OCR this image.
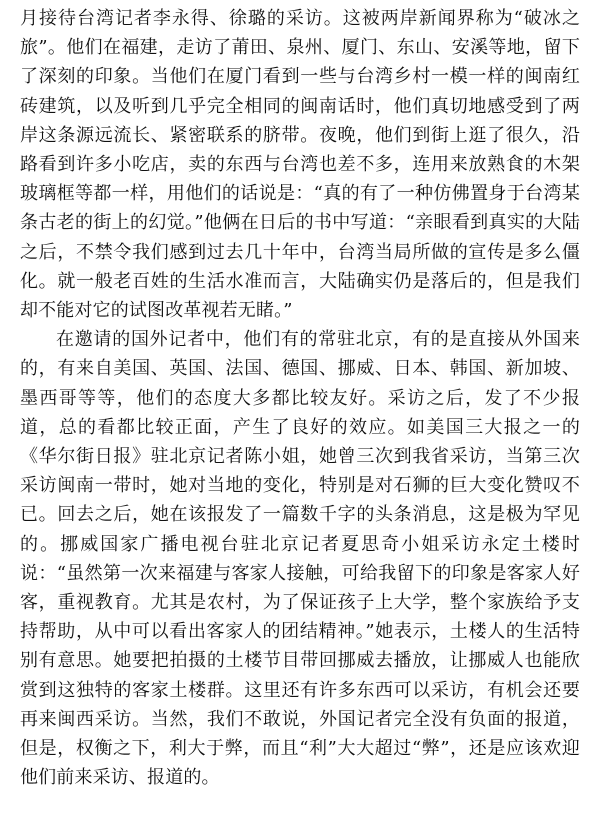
月接待台湾记者李永得、徐璐的采访。这被两岸新闻界称为“破冰之旅”。他们在福建，走访了莆田、泉州、厦门、东山、安溪等地，留下了深刻的印象。当他们在厦门看到一些与台湾乡村一模一样的闽南红砖建筑，以及听到几乎完全相同的闽南话时，他们真切地感受到了两岸这条源远流长、紧密联系的脐带。夜晚，他们到街上逛了很久，沿路看到许多小吃店，卖的东西与台湾也差不多，连用来放熟食的木架玻璃框等都一样，用他们的话说是：“真的有了一种仿佛置身于台湾某条古老的街上的幻觉。”他俩在日后的书中写道：“亲眼看到真实的大陆之后，不禁令我们感到过去几十年中，台湾当局所做的宣传是多么僵化。就一般老百姓的生活水准而言，大陆确实仍是落后的，但是我们却不能对它的试图改革视若无睹。”

在邀请的国外记者中，他们有的常驻北京，有的是直接从外国来的，有来自美国、英国、法国、德国、挪威、日本、韩国、新加坡、墨西哥等等，他们的态度大多都比较友好。采访之后，发了不少报道，总的看都比较正面，产生了良好的效应。如美国三大报之一的《华尔街日报》驻北京记者陈小姐，她曾三次到我省采访，当第三次采访闽南一带时，她对当地的变化，特别是对石狮的巨大变化赞叹不已。回去之后，她在该报发了一篇数千字的头条消息，这是极为罕见的。挪威国家广播电视台驻北京记者夏思奇小姐采访永定土楼时说：“虽然第一次来福建与客家人接触，可给我留下的印象是客家人好客，重视教育。尤其是农村，为了保证孩子上大学，整个家族给予支持帮助，从中可以看出客家人的团结精神。”她表示，土楼人的生活特别有意思。她要把拍摄的土楼节目带回挪威去播放，让挪威人也能欣赏到这独特的客家土楼群。这里还有许多东西可以采访，有机会还要再来闽西采访。当然，我们不敢说，外国记者完全没有负面的报道，但是，权衡之下，利大于弊，而且“利”大大超过“弊”，还是应该欢迎他们前来采访、报道的。
